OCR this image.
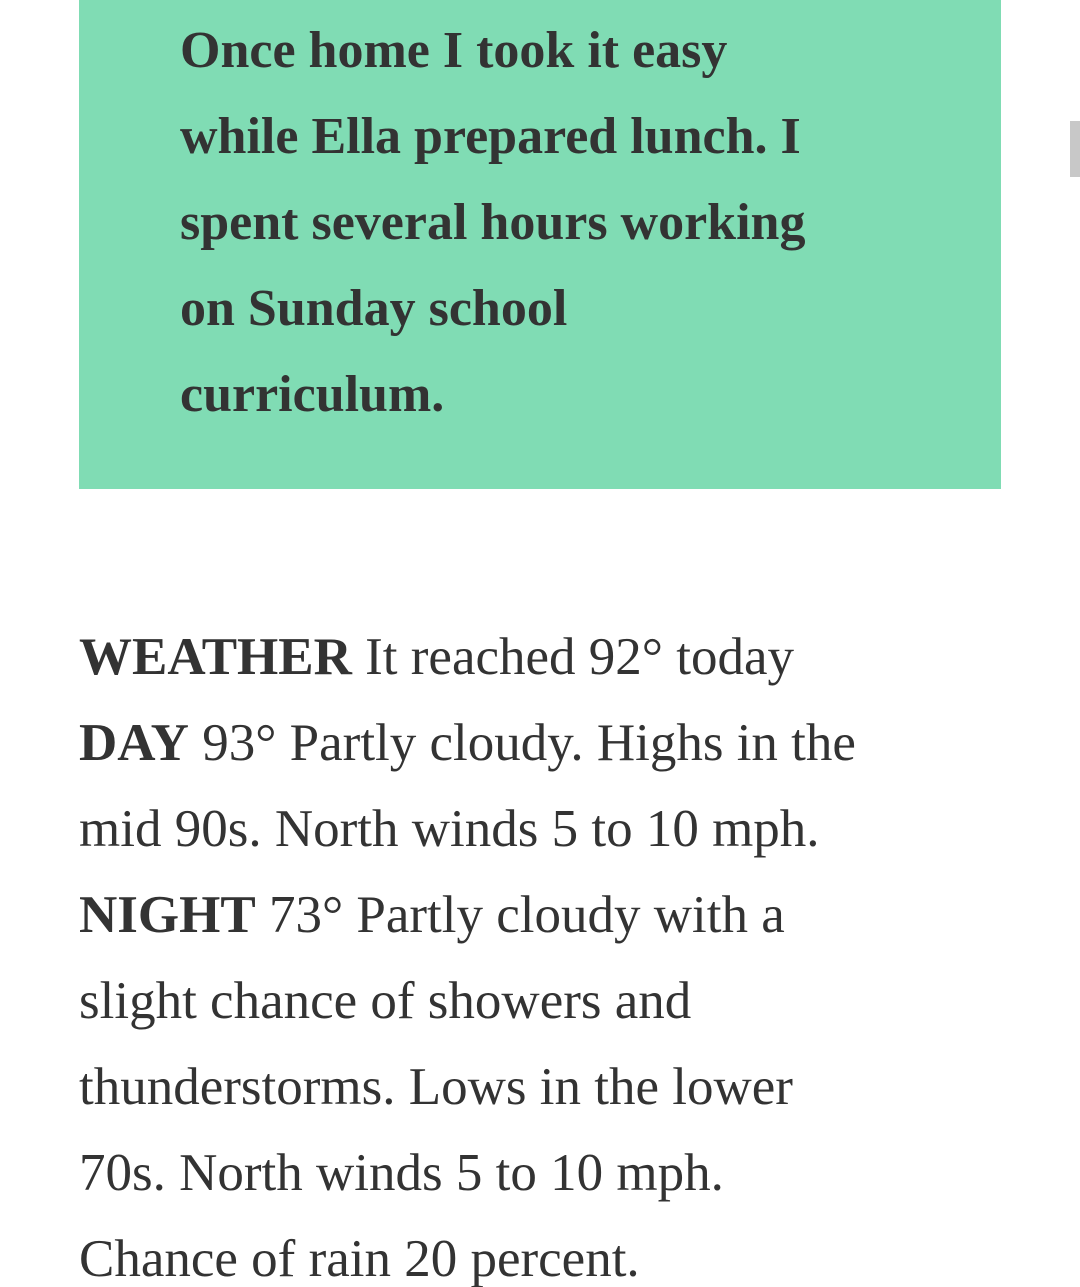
Once home I took it easy
while Ella prepared lunch. I
spent several hours working
on Sunday school
curriculum.

WEATHER It reached 92° today
DAY 93° Partly cloudy. Highs in the
mid 90s. North winds 5 to 10 mph.
NIGHT 73° Partly cloudy with a
slight chance of showers and
thunderstorms. Lows in the lower
70s. North winds 5 to 10 mph.
Chance of rain 20 percent.
